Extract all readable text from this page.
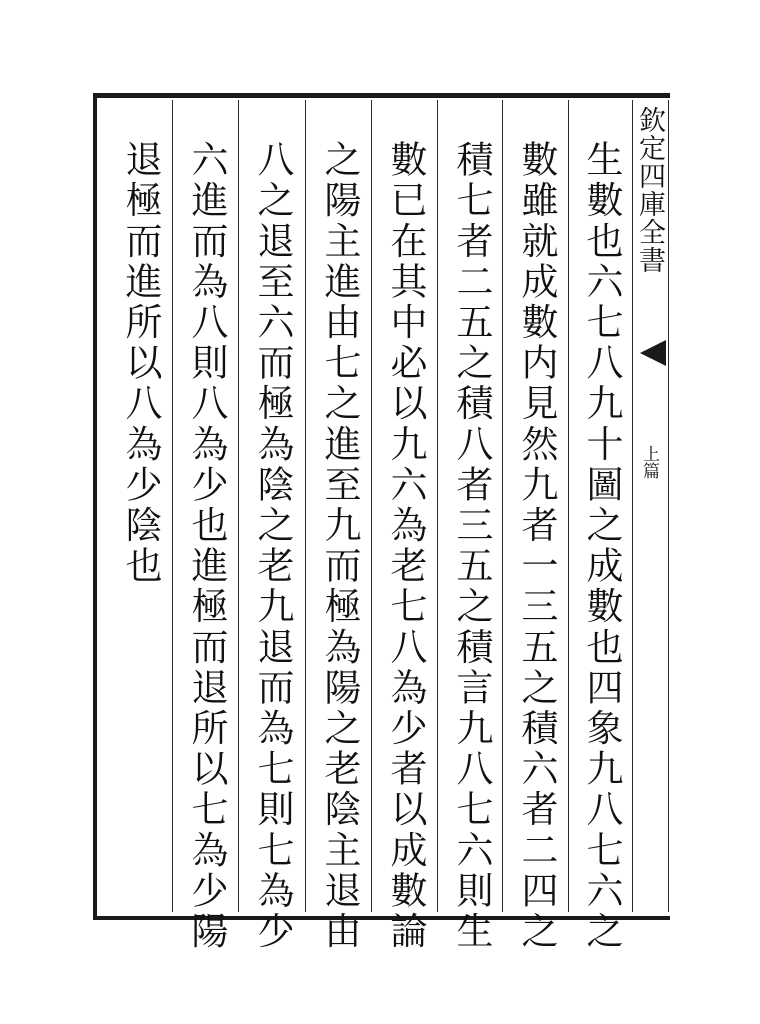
欽定四庫全書
上篇
生數也六七八九十圖之成數也四象九八七六之
數雖就成數内見然九者一三五之積六者二四之
積七者二五之積八者三五之積言九八七六則生
數已在其中必以九六為老七八為少者以成數論
之陽主進由七之進至九而極為陽之老陰主退由
八之退至六而極為陰之老九退而為七則七為少
六進而為八則八為少也進極而退所以七為少陽
退極而進所以八為少陰也
